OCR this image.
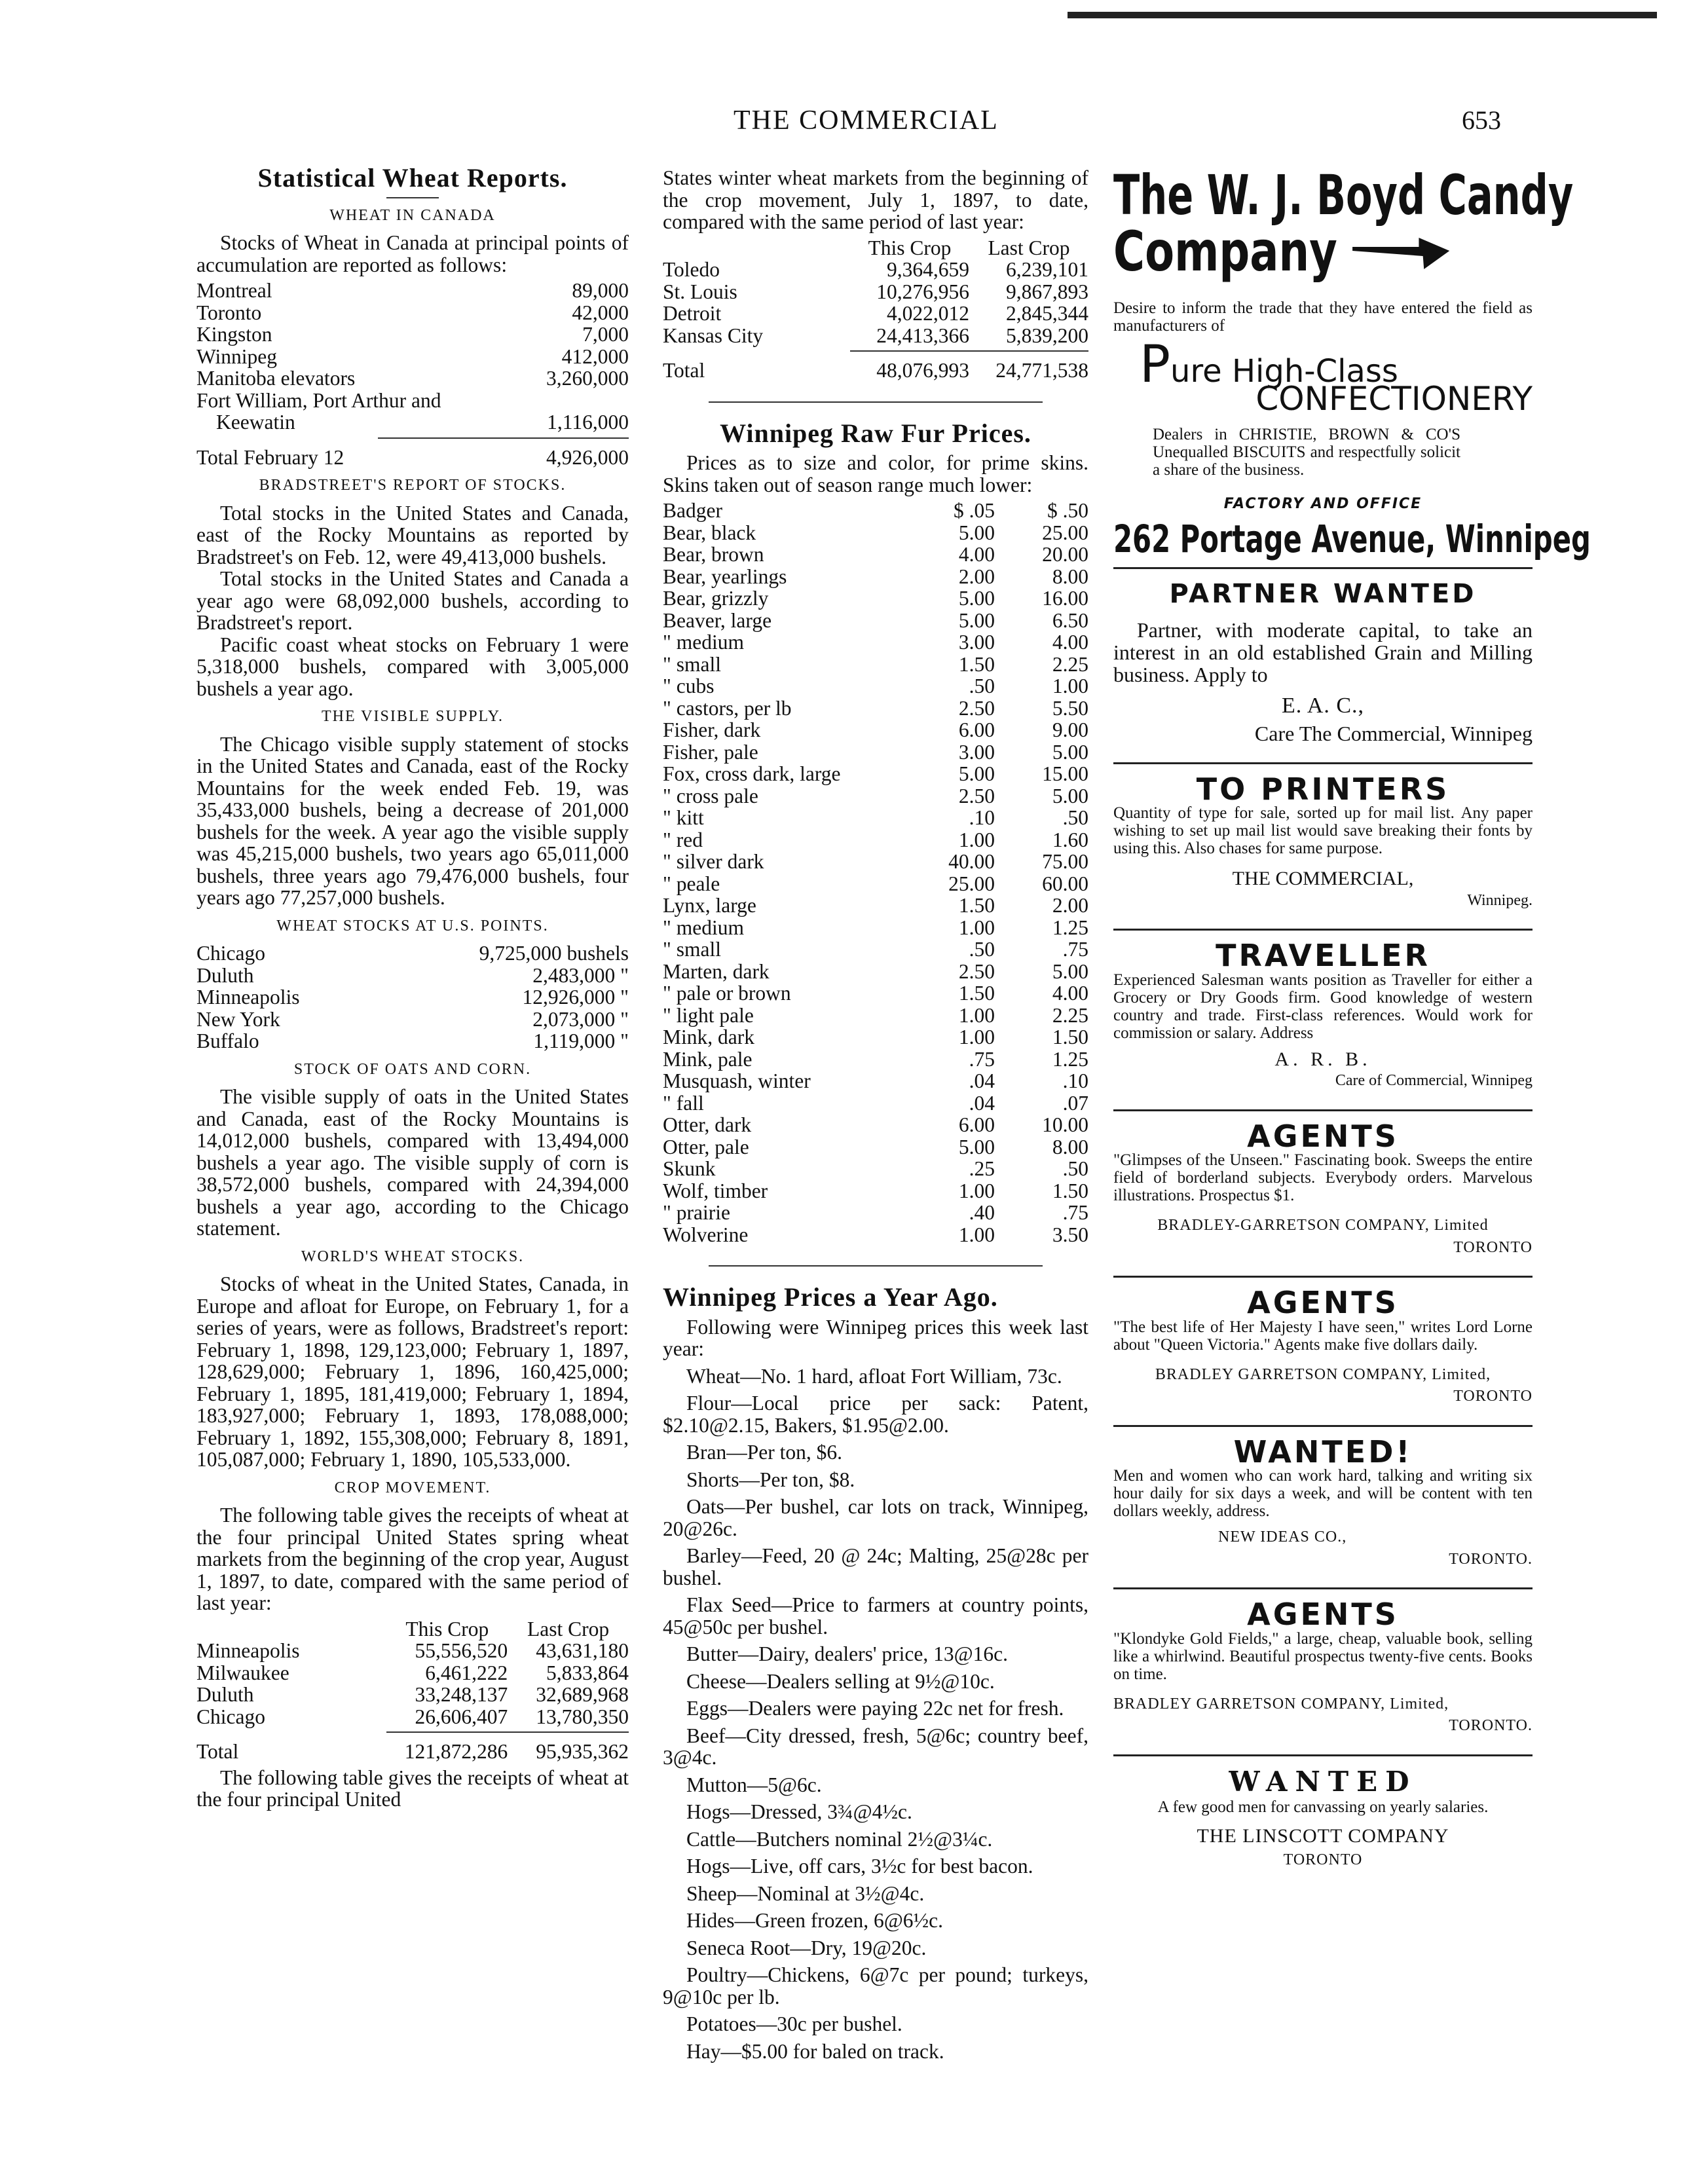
THE COMMERCIAL	653
Statistical Wheat Reports.
WHEAT IN CANADA

Stocks of Wheat in Canada at principal points of accumulation are reported as follows:

Montreal	89,000
Toronto	42,000
Kingston	7,000
Winnipeg	412,000
Manitoba elevators	3,260,000
Fort William, Port Arthur and
Keewatin	1,116,000
Total February 12	4,926,000
BRADSTREET'S REPORT OF STOCKS.

Total stocks in the United States and Canada, east of the Rocky Mountains as reported by Bradstreet's on Feb. 12, were 49,413,000 bushels.

Total stocks in the United States and Canada a year ago were 68,092,000 bushels, according to Bradstreet's report.

Pacific coast wheat stocks on February 1 were 5,318,000 bushels, compared with 3,005,000 bushels a year ago.

THE VISIBLE SUPPLY.

The Chicago visible supply statement of stocks in the United States and Canada, east of the Rocky Mountains for the week ended Feb. 19, was 35,433,000 bushels, being a decrease of 201,000 bushels for the week. A year ago the visible supply was 45,215,000 bushels, two years ago 65,011,000 bushels, three years ago 79,476,000 bushels, four years ago 77,257,000 bushels.

WHEAT STOCKS AT U.S. POINTS.
Chicago	9,725,000 bushels
Duluth	2,483,000 "
Minneapolis	12,926,000 "
New York	2,073,000 "
Buffalo	1,119,000 "
STOCK OF OATS AND CORN.

The visible supply of oats in the United States and Canada, east of the Rocky Mountains is 14,012,000 bushels, compared with 13,494,000 bushels a year ago. The visible supply of corn is 38,572,000 bushels, compared with 24,394,000 bushels a year ago, according to the Chicago statement.

WORLD'S WHEAT STOCKS.

Stocks of wheat in the United States, Canada, in Europe and afloat for Europe, on February 1, for a series of years, were as follows, Bradstreet's report: February 1, 1898, 129,123,000; February 1, 1897, 128,629,000; February 1, 1896, 160,425,000; February 1, 1895, 181,419,000; February 1, 1894, 183,927,000; February 1, 1893, 178,088,000; February 1, 1892, 155,308,000; February 8, 1891, 105,087,000; February 1, 1890, 105,533,000.

CROP MOVEMENT.

The following table gives the receipts of wheat at the four principal United States spring wheat markets from the beginning of the crop year, August 1, 1897, to date, compared with the same period of last year:

This Crop	Last Crop
Minneapolis	55,556,520	43,631,180
Milwaukee	6,461,222	5,833,864
Duluth	33,248,137	32,689,968
Chicago	26,606,407	13,780,350
Total	121,872,286	95,935,362

The following table gives the receipts of wheat at the four principal United

States winter wheat markets from the beginning of the crop movement, July 1, 1897, to date, compared with the same period of last year:

This Crop	Last Crop
Toledo	9,364,659	6,239,101
St. Louis	10,276,956	9,867,893
Detroit	4,022,012	2,845,344
Kansas City	24,413,366	5,839,200
Total	48,076,993	24,771,538
Winnipeg Raw Fur Prices.

Prices as to size and color, for prime skins. Skins taken out of season range much lower:

Badger	$ .05	$ .50
Bear, black	5.00	25.00
Bear, brown	4.00	20.00
Bear, yearlings	2.00	8.00
Bear, grizzly	5.00	16.00
Beaver, large	5.00	6.50
" medium	3.00	4.00
" small	1.50	2.25
" cubs	.50	1.00
" castors, per lb	2.50	5.50
Fisher, dark	6.00	9.00
Fisher, pale	3.00	5.00
Fox, cross dark, large	5.00	15.00
" cross pale	2.50	5.00
" kitt	.10	.50
" red	1.00	1.60
" silver dark	40.00	75.00
" peale	25.00	60.00
Lynx, large	1.50	2.00
" medium	1.00	1.25
" small	.50	.75
Marten, dark	2.50	5.00
" pale or brown	1.50	4.00
" light pale	1.00	2.25
Mink, dark	1.00	1.50
Mink, pale	.75	1.25
Musquash, winter	.04	.10
" fall	.04	.07
Otter, dark	6.00	10.00
Otter, pale	5.00	8.00
Skunk	.25	.50
Wolf, timber	1.00	1.50
" prairie	.40	.75
Wolverine	1.00	3.50
Winnipeg Prices a Year Ago.

Following were Winnipeg prices this week last year:

Wheat—No. 1 hard, afloat Fort William, 73c.

Flour—Local price per sack: Patent, $2.10@2.15, Bakers, $1.95@2.00.

Bran—Per ton, $6.

Shorts—Per ton, $8.

Oats—Per bushel, car lots on track, Winnipeg, 20@26c.

Barley—Feed, 20 @ 24c; Malting, 25@28c per bushel.

Flax Seed—Price to farmers at country points, 45@50c per bushel.

Butter—Dairy, dealers' price, 13@16c.

Cheese—Dealers selling at 9½@10c.

Eggs—Dealers were paying 22c net for fresh.

Beef—City dressed, fresh, 5@6c; country beef, 3@4c.

Mutton—5@6c.

Hogs—Dressed, 3¾@4½c.

Cattle—Butchers nominal 2½@3¼c.

Hogs—Live, off cars, 3½c for best bacon.

Sheep—Nominal at 3½@4c.

Hides—Green frozen, 6@6½c.

Seneca Root—Dry, 19@20c.

Poultry—Chickens, 6@7c per pound; turkeys, 9@10c per lb.

Potatoes—30c per bushel.

Hay—$5.00 for baled on track.

The W. J. Boyd Candy
Company
Desire to inform the trade that they have entered the field as manufacturers of
Pure High-Class
CONFECTIONERY
Dealers in CHRISTIE, BROWN & CO'S Unequalled BISCUITS and respectfully solicit a share of the business.
FACTORY AND OFFICE
262 Portage Avenue, Winnipeg
PARTNER WANTED

Partner, with moderate capital, to take an interest in an old established Grain and Milling business. Apply to

E. A. C.,
Care The Commercial, Winnipeg
TO PRINTERS
Quantity of type for sale, sorted up for mail list. Any paper wishing to set up mail list would save breaking their fonts by using this. Also chases for same purpose.
THE COMMERCIAL,
Winnipeg.
TRAVELLER
Experienced Salesman wants position as Traveller for either a Grocery or Dry Goods firm. Good knowledge of western country and trade. First-class references. Would work for commission or salary. Address
A. R. B.
Care of Commercial, Winnipeg
AGENTS
"Glimpses of the Unseen." Fascinating book. Sweeps the entire field of borderland subjects. Everybody orders. Marvelous illustrations. Prospectus $1.
BRADLEY-GARRETSON COMPANY, Limited
TORONTO
AGENTS
"The best life of Her Majesty I have seen," writes Lord Lorne about "Queen Victoria." Agents make five dollars daily.
BRADLEY GARRETSON COMPANY, Limited,
TORONTO
WANTED!
Men and women who can work hard, talking and writing six hour daily for six days a week, and will be content with ten dollars weekly, address.
NEW IDEAS CO.,
TORONTO.
AGENTS
"Klondyke Gold Fields," a large, cheap, valuable book, selling like a whirlwind. Beautiful prospectus twenty-five cents. Books on time.
BRADLEY GARRETSON COMPANY, Limited,
TORONTO.
WANTED
A few good men for canvassing on yearly salaries.
THE LINSCOTT COMPANY
TORONTO
